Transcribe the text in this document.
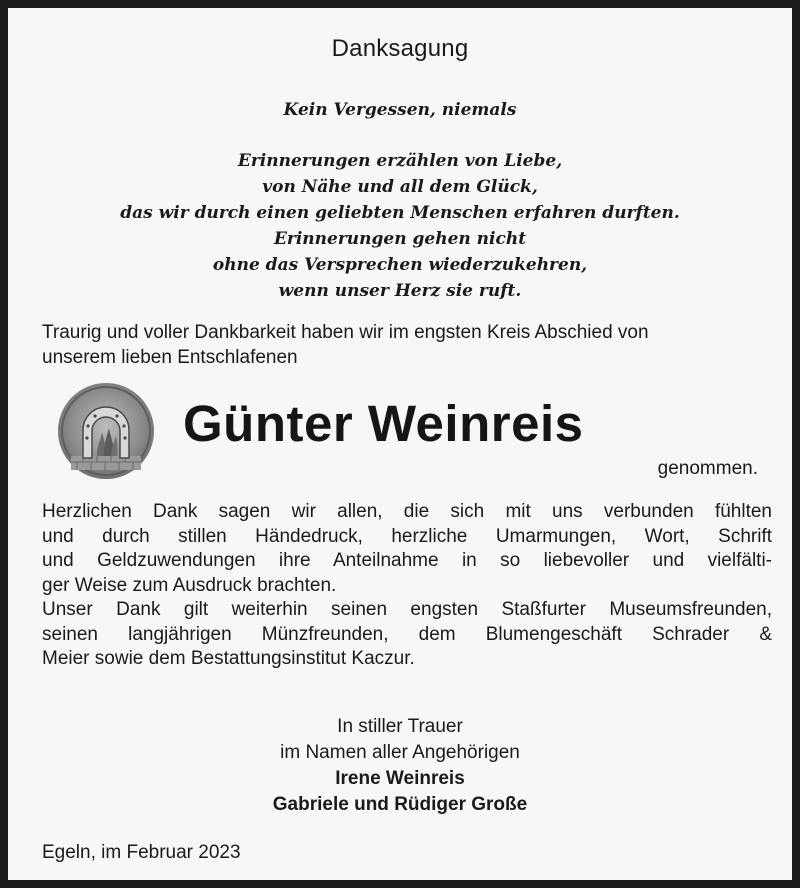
Danksagung
Kein Vergessen, niemals
Erinnerungen erzählen von Liebe,
von Nähe und all dem Glück,
das wir durch einen geliebten Menschen erfahren durften.
Erinnerungen gehen nicht
ohne das Versprechen wiederzukehren,
wenn unser Herz sie ruft.
Traurig und voller Dankbarkeit haben wir im engsten Kreis Abschied von
unserem lieben Entschlafenen
Günter Weinreis
genommen.
Herzlichen Dank sagen wir allen, die sich mit uns verbunden fühlten
und durch stillen Händedruck, herzliche Umarmungen, Wort, Schrift
und Geldzuwendungen ihre Anteilnahme in so liebevoller und vielfälti-
ger Weise zum Ausdruck brachten.
Unser Dank gilt weiterhin seinen engsten Staßfurter Museumsfreunden,
seinen langjährigen Münzfreunden, dem Blumengeschäft Schrader &
Meier sowie dem Bestattungsinstitut Kaczur.
In stiller Trauer
im Namen aller Angehörigen
Irene Weinreis
Gabriele und Rüdiger Große
Egeln, im Februar 2023
